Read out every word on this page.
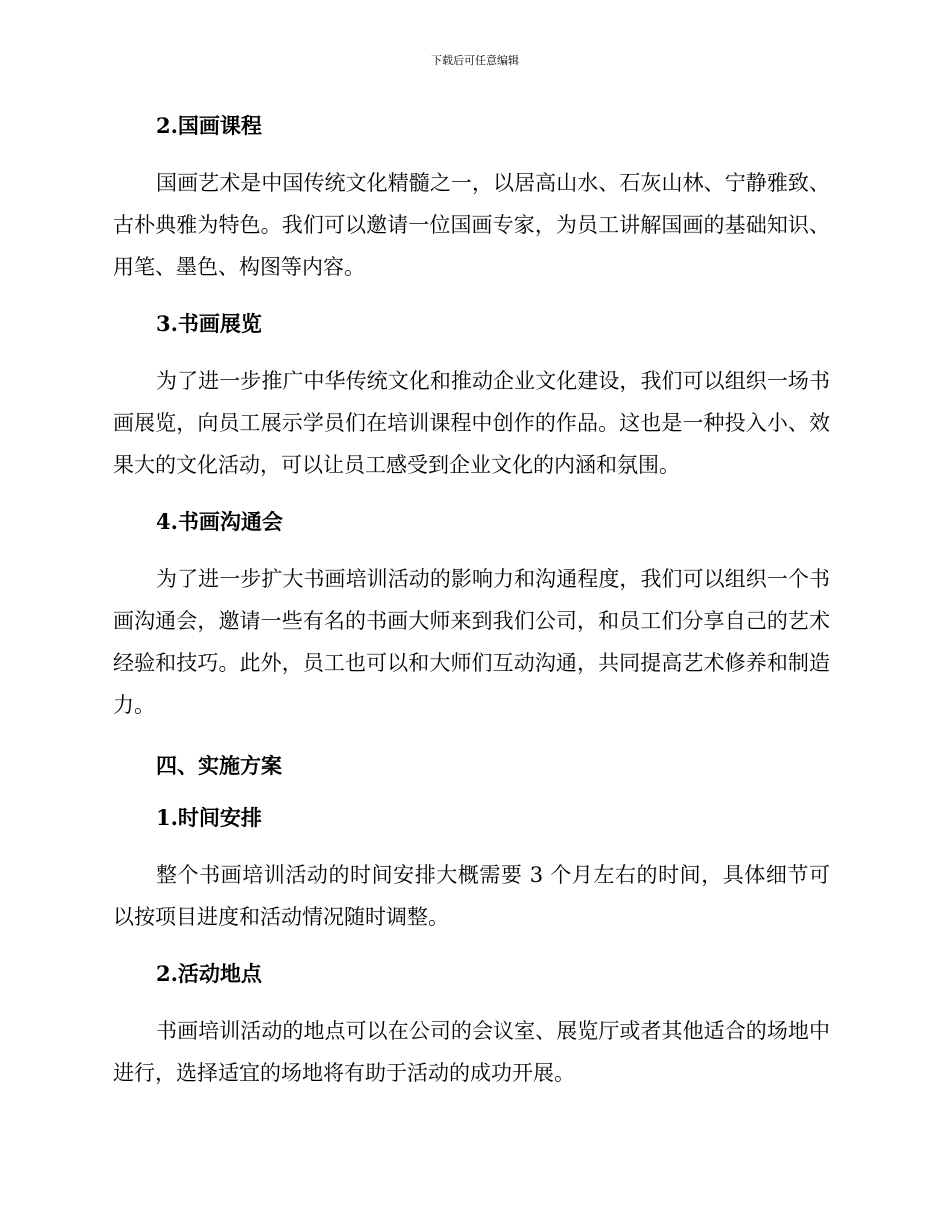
下载后可任意编辑
2.国画课程

国画艺术是中国传统文化精髓之一，以居高山水、石灰山林、宁静雅致、古朴典雅为特色。我们可以邀请一位国画专家，为员工讲解国画的基础知识、用笔、墨色、构图等内容。

3.书画展览

为了进一步推广中华传统文化和推动企业文化建设，我们可以组织一场书画展览，向员工展示学员们在培训课程中创作的作品。这也是一种投入小、效果大的文化活动，可以让员工感受到企业文化的内涵和氛围。

4.书画沟通会

为了进一步扩大书画培训活动的影响力和沟通程度，我们可以组织一个书画沟通会，邀请一些有名的书画大师来到我们公司，和员工们分享自己的艺术经验和技巧。此外，员工也可以和大师们互动沟通，共同提高艺术修养和制造力。

四、实施方案
1.时间安排

整个书画培训活动的时间安排大概需要 3 个月左右的时间，具体细节可以按项目进度和活动情况随时调整。

2.活动地点

书画培训活动的地点可以在公司的会议室、展览厅或者其他适合的场地中进行，选择适宜的场地将有助于活动的成功开展。
